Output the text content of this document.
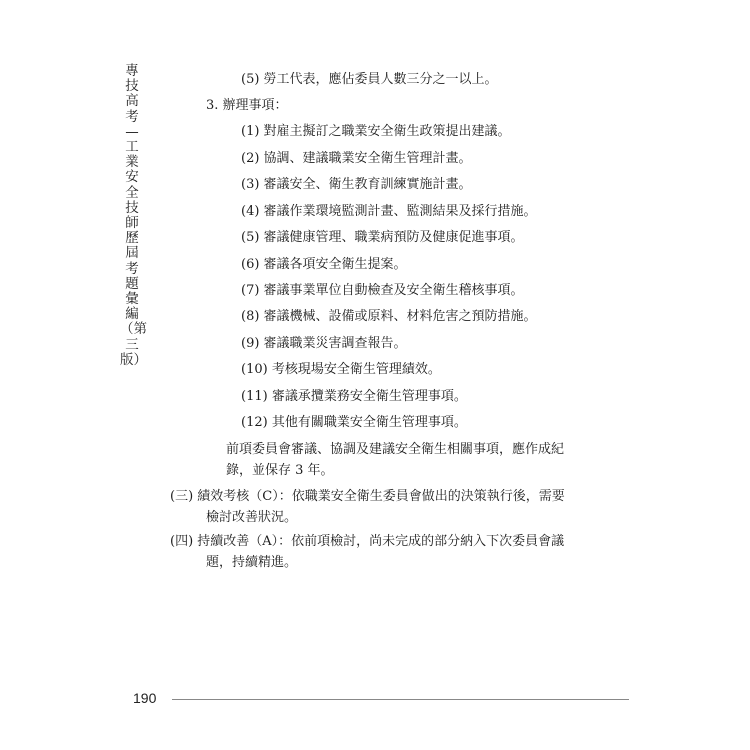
專技高考—工業安全技師歷屆考題彙編（第三版）
(5) 勞工代表，應佔委員人數三分之一以上。
3. 辦理事項：
(1) 對雇主擬訂之職業安全衛生政策提出建議。
(2) 協調、建議職業安全衛生管理計畫。
(3) 審議安全、衛生教育訓練實施計畫。
(4) 審議作業環境監測計畫、監測結果及採行措施。
(5) 審議健康管理、職業病預防及健康促進事項。
(6) 審議各項安全衛生提案。
(7) 審議事業單位自動檢查及安全衛生稽核事項。
(8) 審議機械、設備或原料、材料危害之預防措施。
(9) 審議職業災害調查報告。
(10) 考核現場安全衛生管理績效。
(11) 審議承攬業務安全衛生管理事項。
(12) 其他有關職業安全衛生管理事項。
前項委員會審議、協調及建議安全衛生相關事項，應作成紀
錄，並保存 3 年。
(三) 績效考核（C）：依職業安全衛生委員會做出的決策執行後，需要
檢討改善狀況。
(四) 持續改善（A）：依前項檢討，尚未完成的部分納入下次委員會議
題，持續精進。
190
